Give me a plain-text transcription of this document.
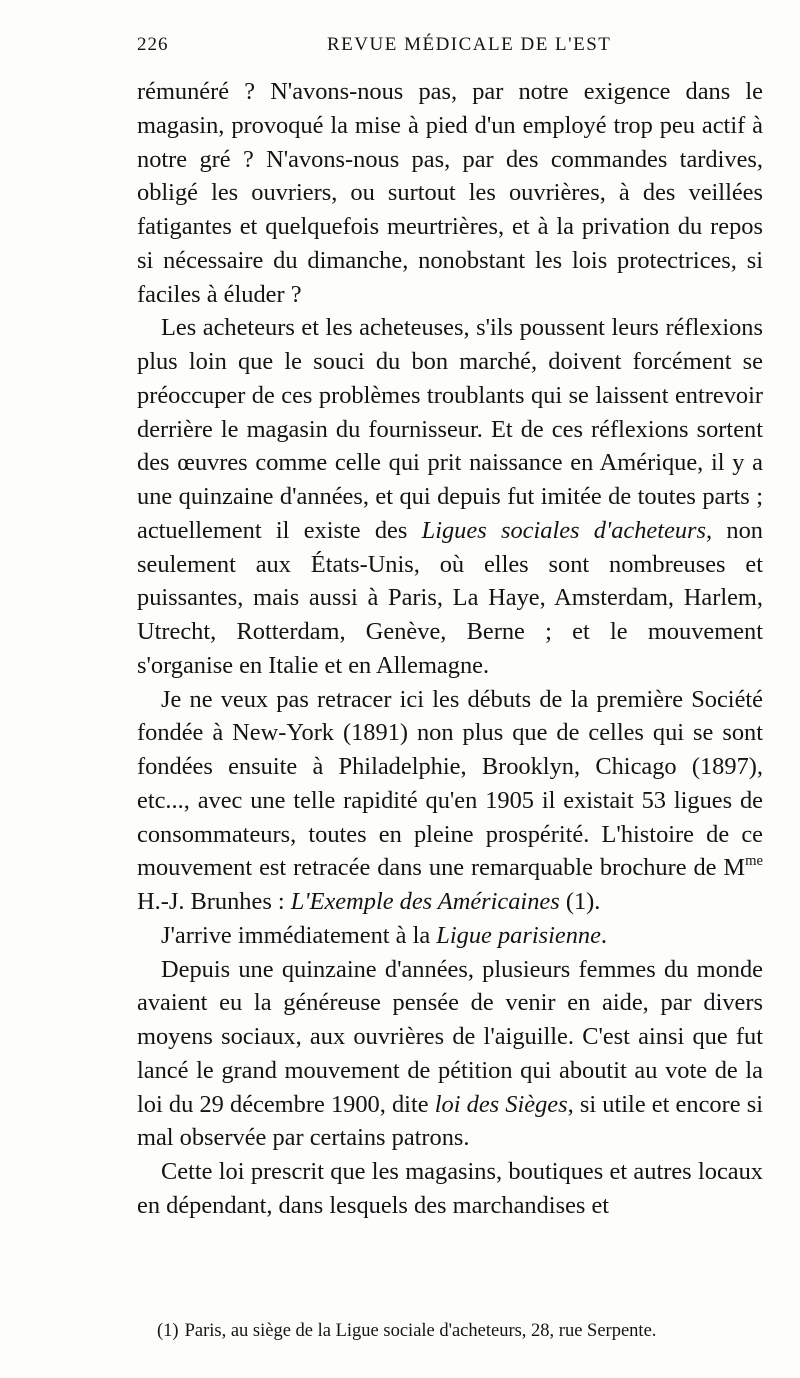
226	REVUE MÉDICALE DE L'EST

rémunéré ? N'avons-nous pas, par notre exigence dans le magasin, provoqué la mise à pied d'un employé trop peu actif à notre gré ? N'avons-nous pas, par des commandes tardives, obligé les ouvriers, ou surtout les ouvrières, à des veillées fatigantes et quelquefois meurtrières, et à la privation du repos si nécessaire du dimanche, nonobstant les lois protectrices, si faciles à éluder ?

Les acheteurs et les acheteuses, s'ils poussent leurs réflexions plus loin que le souci du bon marché, doivent forcément se préoccuper de ces problèmes troublants qui se laissent entrevoir derrière le magasin du fournisseur. Et de ces réflexions sortent des œuvres comme celle qui prit naissance en Amérique, il y a une quinzaine d'années, et qui depuis fut imitée de toutes parts ; actuellement il existe des Ligues sociales d'acheteurs, non seulement aux États-Unis, où elles sont nombreuses et puissantes, mais aussi à Paris, La Haye, Amsterdam, Harlem, Utrecht, Rotterdam, Genève, Berne ; et le mouvement s'organise en Italie et en Allemagne.

Je ne veux pas retracer ici les débuts de la première Société fondée à New-York (1891) non plus que de celles qui se sont fondées ensuite à Philadelphie, Brooklyn, Chicago (1897), etc..., avec une telle rapidité qu'en 1905 il existait 53 ligues de consommateurs, toutes en pleine prospérité. L'histoire de ce mouvement est retracée dans une remarquable brochure de $M^{me}$ H.-J. Brunhes : L'Exemple des Américaines (1).

J'arrive immédiatement à la Ligue parisienne.

Depuis une quinzaine d'années, plusieurs femmes du monde avaient eu la généreuse pensée de venir en aide, par divers moyens sociaux, aux ouvrières de l'aiguille. C'est ainsi que fut lancé le grand mouvement de pétition qui aboutit au vote de la loi du 29 décembre 1900, dite loi des Sièges, si utile et encore si mal observée par certains patrons.

Cette loi prescrit que les magasins, boutiques et autres locaux en dépendant, dans lesquels des marchandises et

(1) Paris, au siège de la Ligue sociale d'acheteurs, 28, rue Serpente.
